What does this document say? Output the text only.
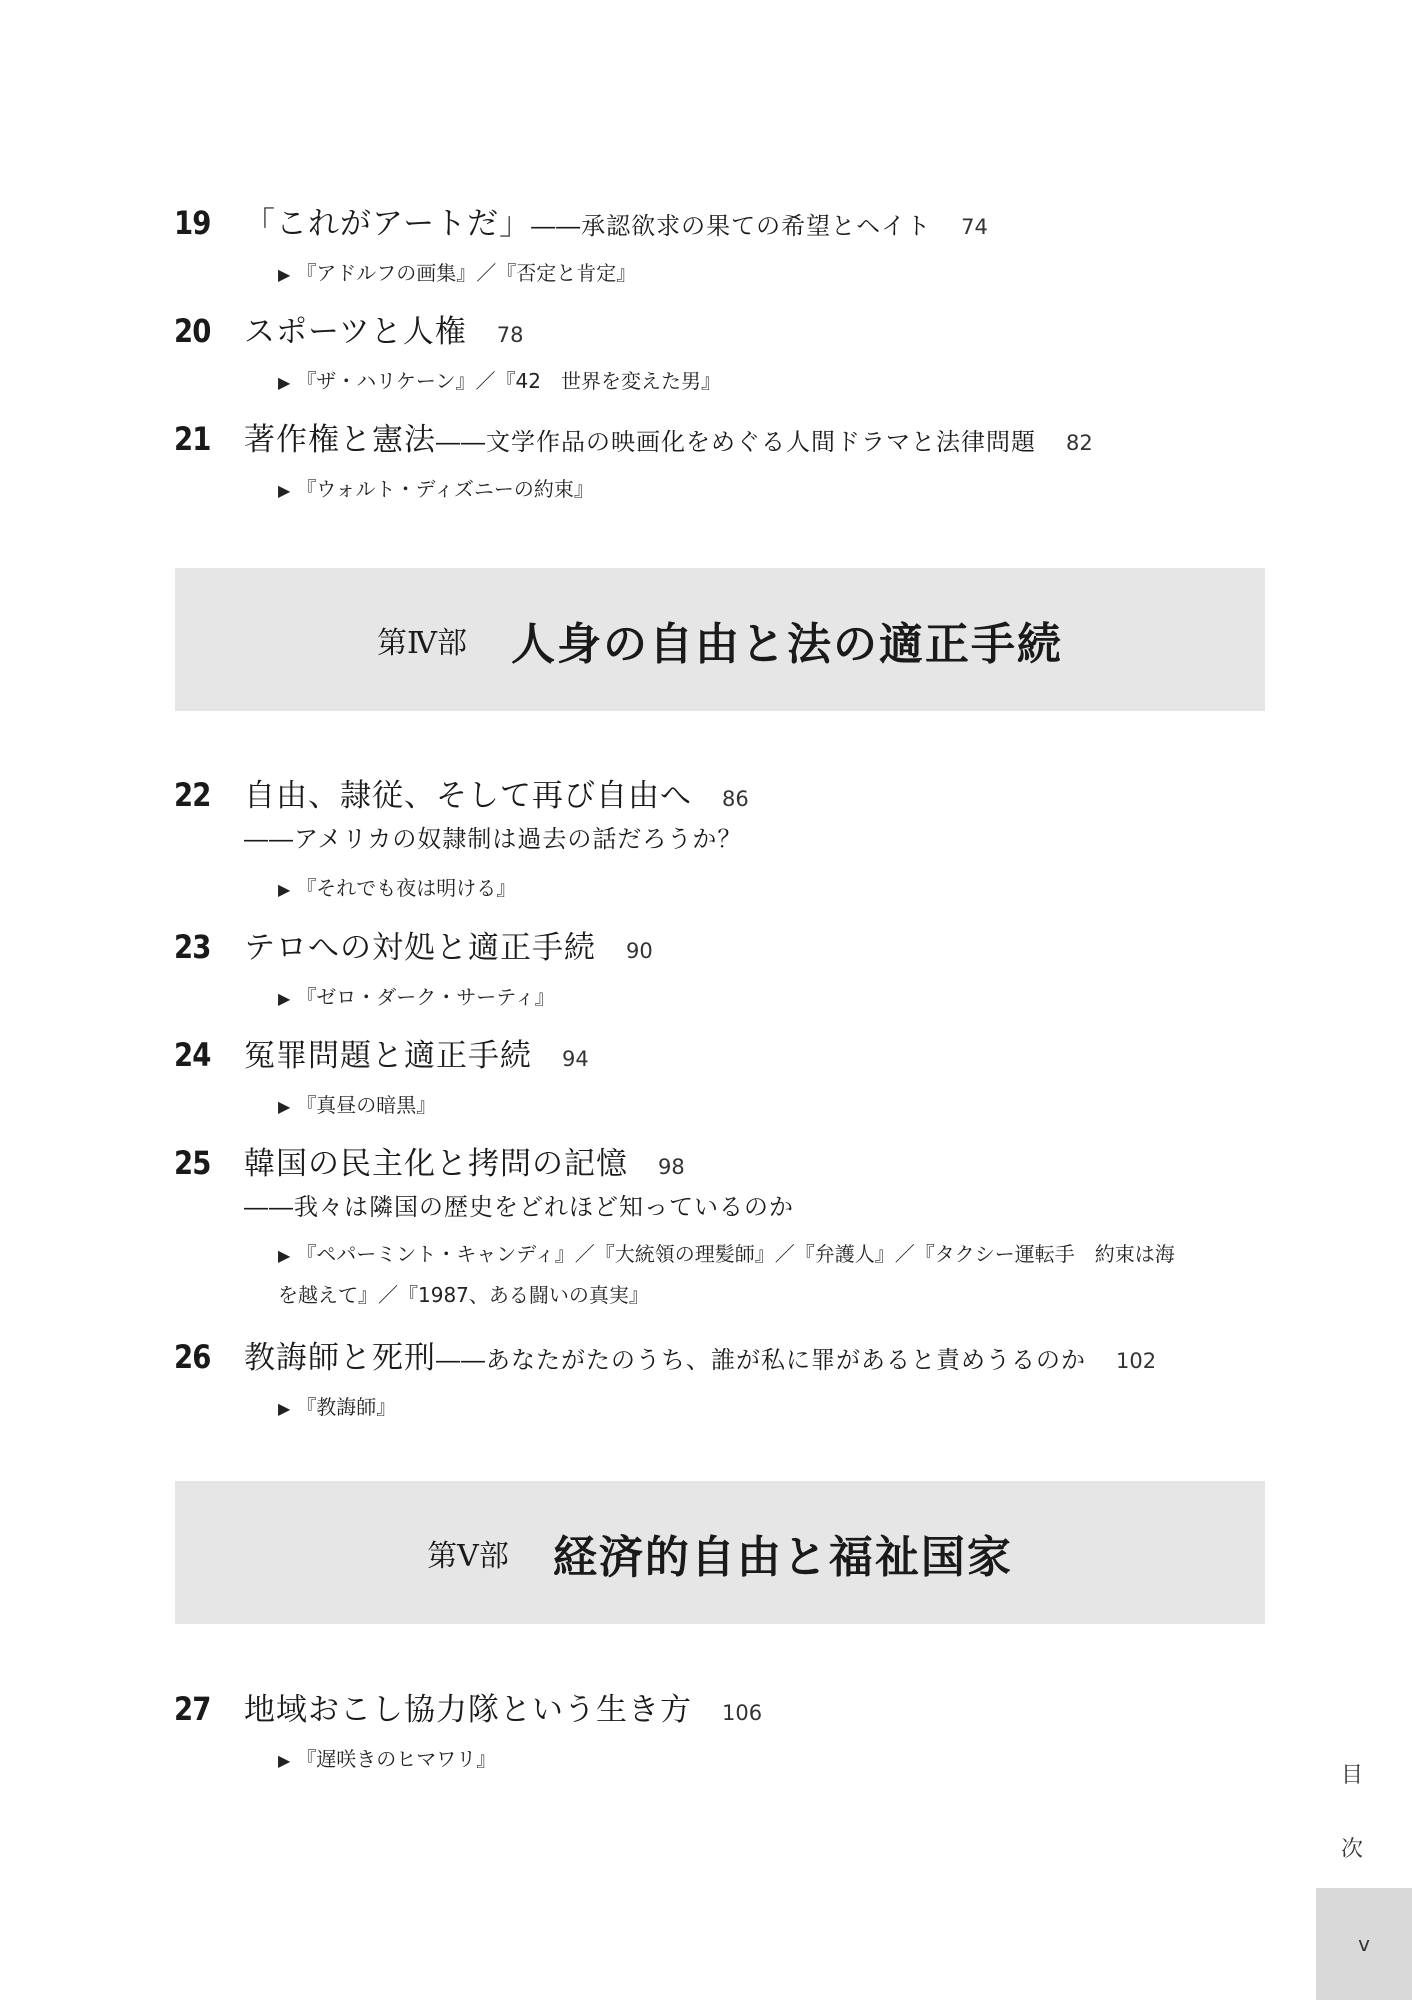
19	「これがアートだ」 ――承認欲求の果ての希望とヘイト 74
▶ 『アドルフの画集』／『否定と肯定』
20	スポーツと人権 78
▶ 『ザ・ハリケーン』／『42　世界を変えた男』
21	著作権と憲法 ――文学作品の映画化をめぐる人間ドラマと法律問題 82
▶ 『ウォルト・ディズニーの約束』
第Ⅳ部 人身の自由と法の適正手続
22	自由、隷従、そして再び自由へ 86
――アメリカの奴隷制は過去の話だろうか？
▶ 『それでも夜は明ける』
23	テロへの対処と適正手続 90
▶ 『ゼロ・ダーク・サーティ』
24	冤罪問題と適正手続 94
▶ 『真昼の暗黒』
25	韓国の民主化と拷問の記憶 98
――我々は隣国の歴史をどれほど知っているのか
▶ 『ペパーミント・キャンディ』／『大統領の理髪師』／『弁護人』／『タクシー運転手　約束は海
を越えて』／『1987、ある闘いの真実』
26	教誨師と死刑 ――あなたがたのうち、誰が私に罪があると責めうるのか 102
▶ 『教誨師』
第Ⅴ部 経済的自由と福祉国家
27	地域おこし協力隊という生き方 106
▶ 『遅咲きのヒマワリ』
目
次
v
